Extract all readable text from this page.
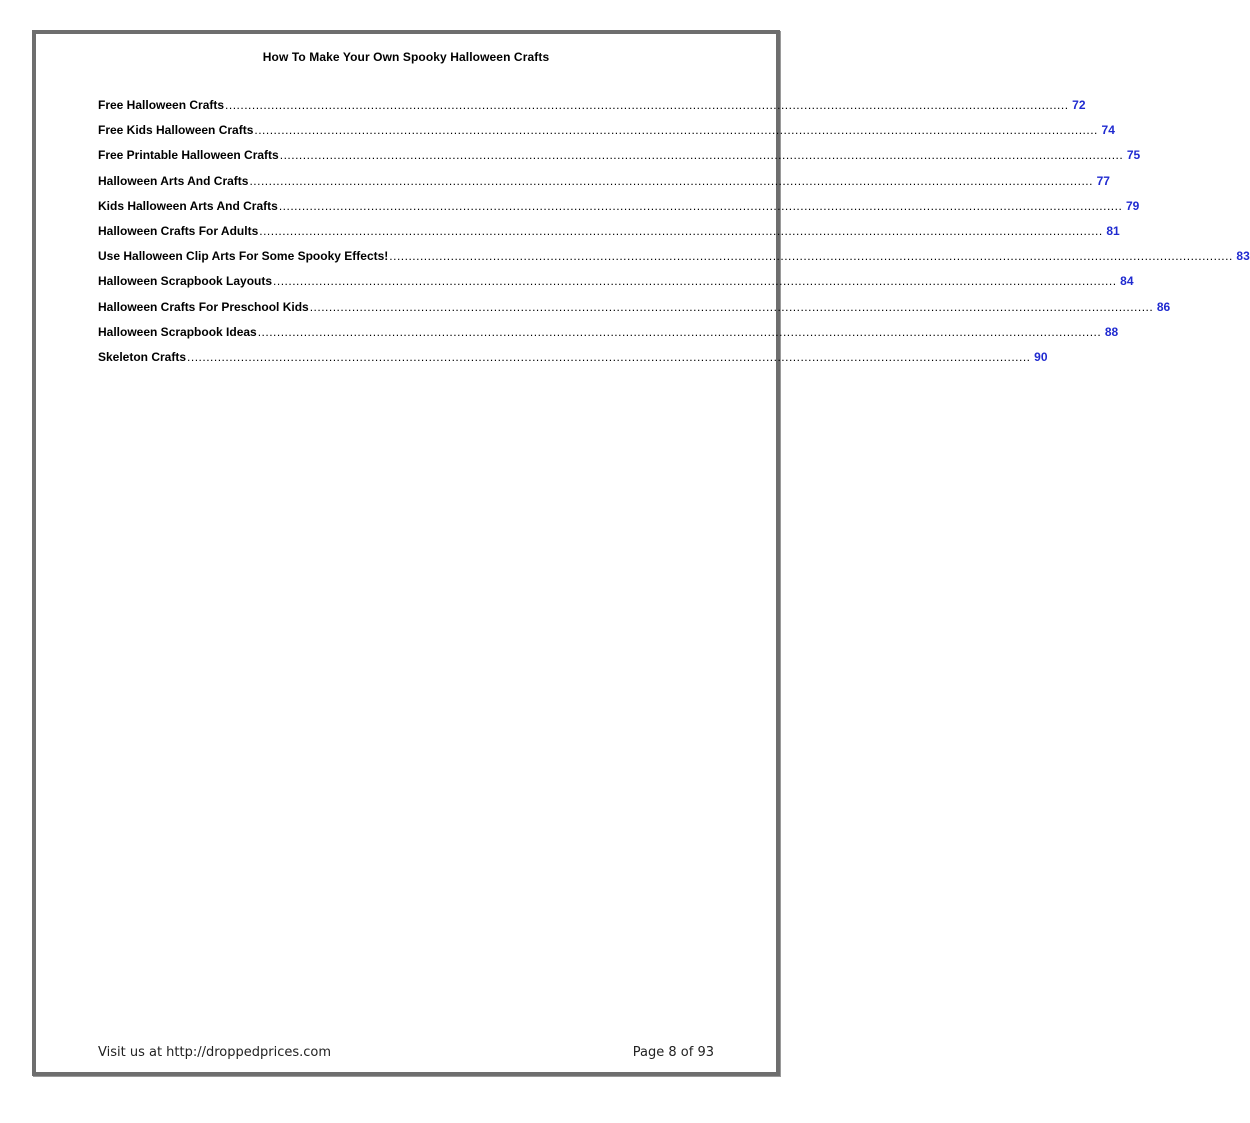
How To Make Your Own Spooky Halloween Crafts
Free Halloween Crafts ............................................................................................................................................................................................................................ 72
Free Kids Halloween Crafts ............................................................................................................................................................................................................................ 74
Free Printable Halloween Crafts ............................................................................................................................................................................................................................ 75
Halloween Arts And Crafts ............................................................................................................................................................................................................................ 77
Kids Halloween Arts And Crafts ............................................................................................................................................................................................................................ 79
Halloween Crafts For Adults ............................................................................................................................................................................................................................ 81
Use Halloween Clip Arts For Some Spooky Effects! ............................................................................................................................................................................................................................ 83
Halloween Scrapbook Layouts ............................................................................................................................................................................................................................ 84
Halloween Crafts For Preschool Kids ............................................................................................................................................................................................................................ 86
Halloween Scrapbook Ideas ............................................................................................................................................................................................................................ 88
Skeleton Crafts ............................................................................................................................................................................................................................ 90
Visit us at http://droppedprices.com	Page 8 of 93
